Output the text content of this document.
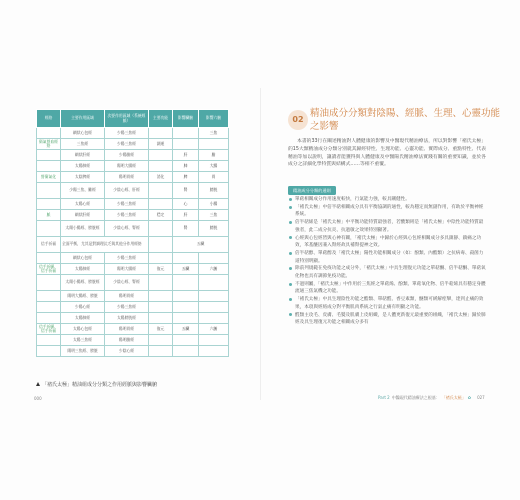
經絡	主要作用區域	次要作用區域（系統經脈）	主要功能	影響臟腑	影響六腑
	網狀心包經	少陽三焦經			三焦
衛氣營血經絡	三焦經	少陽三焦經	調運		
	網狀肝經	少陽膽經		肝	膽
	太陽肺經	陽明大腸經		肺	大腸
營衛氣化	太陰脾經	陽明胃經	消化	脾	胃
	少陽三焦、難經	少陰心經、肝經		腎	膀胱
	太陽心經	少陽三焦經		心	小腸
脈	網狀肝經	少陽三焦經	穩定	肝	三焦
	太陽小腸經、膀胱經	少陰心經、腎經		腎	膀胱
信手祈福	全面平衡，尤其是對調理汰乏與其他分作用經絡			五臟	
	網狀心包經	少陽三焦經			
信手祈願、信手祈福	太陽肺經	陽明大腸經	復元	五臟	六腑
	太陽小腸經、膀胱經	少陰心經、腎經			
	陽明大腸經、膀胱	陽明胃經			
	少陽心經	少陽三焦經			
	太陽肺經	太陽膀胱經			
信手祈願、信手祈福	太陽心包經	陽明胃經	復元	五臟	六腑
	太陽三焦經	陽明膽經			
	陽明三焦經、膀胱	少陰心經			
「褚氏太極」精油組成分分類之作用經脈與影響臟腑
000
02
精油成分分類對陰陽、經脈、生理、心靈功能之影響

本書的33行在闡述精油對人體健康的影響及中醫現代精油療法，所以對影響「褚氏太極」的15大類精油成分分類分別就其歸經特性、生理功能、心靈功能、實際成分、重點特性、代表精油等加以說明，讓讀者能獲得與人體健康及中醫陽氏精油療法實踐有關的重要知識，並於各成分之詳細化學特質與結構式……等相不重覆。

精油成分分類的通則
單萜相關成分作用速度較快，行氣能力強，較具剛健性。
「褚氏太極」中倍半萜相關成分具有平衡協調的通性，較為穩定而無副作用，有助於平衡神經系統。
倍半萜烯是「褚氏太極」中平衡功能特質最強者，若酸類則是「褚氏太極」中陰性功能特質最強者，此二成分抗炎、抗過敏之效果特別顯著。
心經與心包經皆與心神有關，「褚氏太極」中歸於心經與心包經相關成分多具鎮靜、鎮痛之功效，苯基醚因兼入腎經故具補腎提神之效。
倍半萜醇、單萜醇及「褚氏太極」陽性功能相關成分（如：酚類、內酯類）之抗病毒、殺菌力道特別明顯。
除前列規範在免疫功能之成分外，「褚氏太極」中具生理復元功能之單萜酮、倍半萜酮、單萜氧化物也具有調節免疫功能。
不過則屬，「褚氏太極」中作用於三焦經之單萜烯、酚類、單萜氧化物、倍半萜烯具有穩定身體流通三焦氣機之功能。
「褚氏太極」中具生理陰性功能之酯類、單萜醛、香豆素類，醚類可緩解痙攣，達到止痛的效果，本項與經絡成分對平衡肌肉系統之行氣止痛有明顯之功能。
醛類主攻毛、皮膚、毛髮及肌膚上皮組織，是人體更新復元最重要的組織，「褚氏太極」歸於肺經及具生理復元功能之相關成分多有
Part 2 中醫現代精油療法之根基： 「褚氏太極」 ✿ 027
